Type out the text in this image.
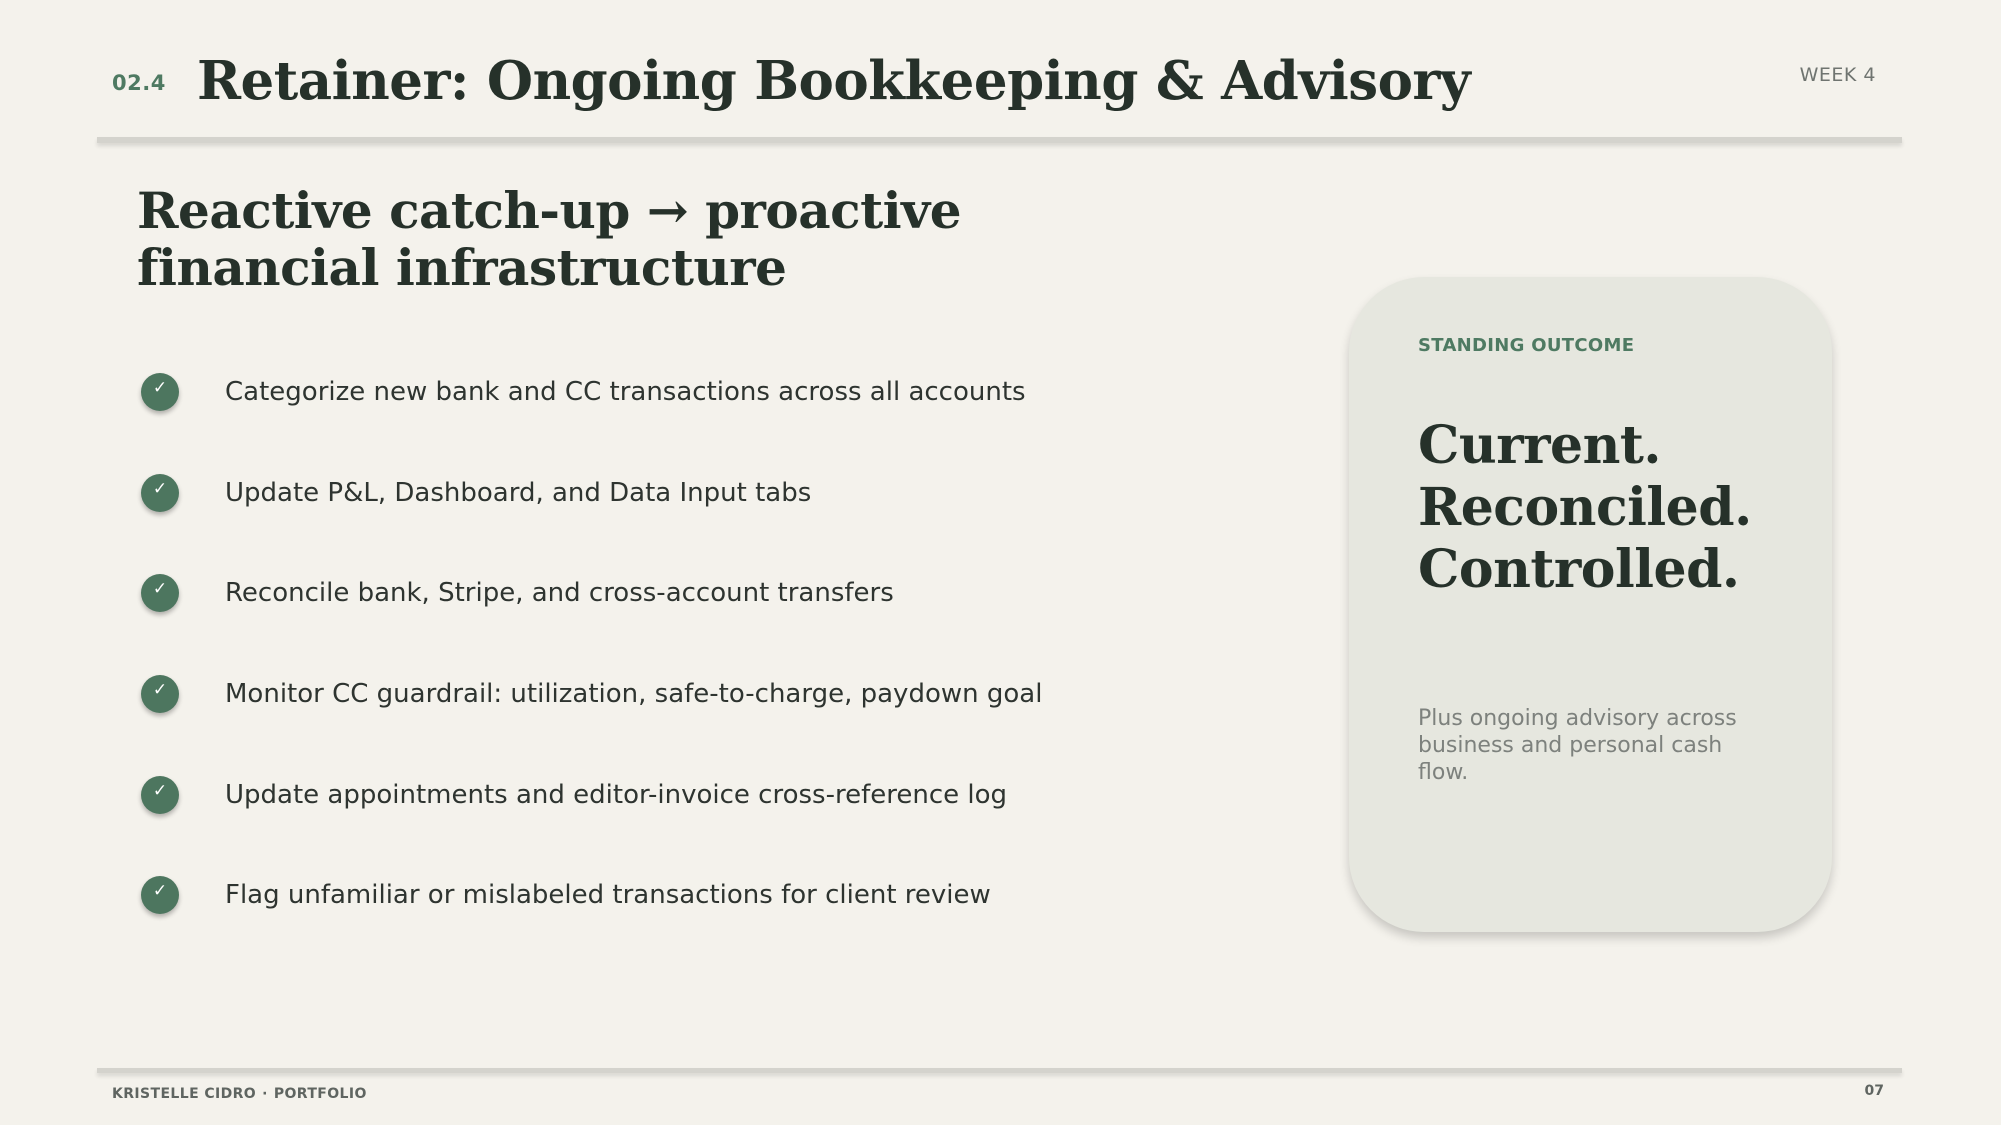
02.4 Retainer: Ongoing Bookkeeping & Advisory	WEEK 4
Reactive catch-up → proactive financial infrastructure
✓	Categorize new bank and CC transactions across all accounts
✓	Update P&L, Dashboard, and Data Input tabs
✓	Reconcile bank, Stripe, and cross-account transfers
✓	Monitor CC guardrail: utilization, safe-to-charge, paydown goal
✓	Update appointments and editor-invoice cross-reference log
✓	Flag unfamiliar or mislabeled transactions for client review
STANDING OUTCOME
Current.
Reconciled.
Controlled.

Plus ongoing advisory across business and personal cash flow.

KRISTELLE CIDRO · PORTFOLIO	07
